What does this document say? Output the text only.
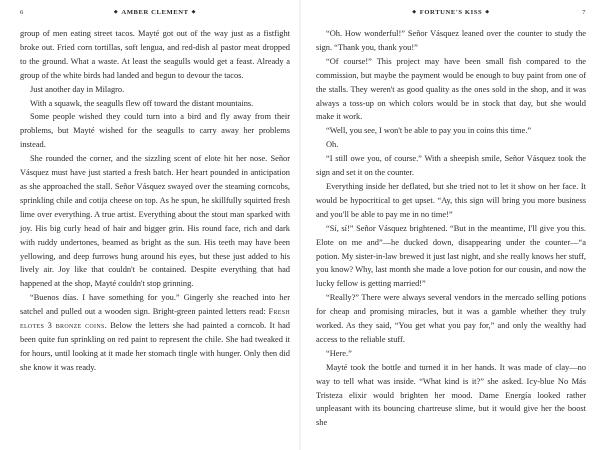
6	◆ AMBER CLEMENT ◆

group of men eating street tacos. Mayté got out of the way just as a fistfight broke out. Fried corn tortillas, soft lengua, and red-dish al pastor meat dropped to the ground. What a waste. At least the seagulls would get a feast. Already a group of the white birds had landed and begun to devour the tacos.

Just another day in Milagro.

With a squawk, the seagulls flew off toward the distant mountains.

Some people wished they could turn into a bird and fly away from their problems, but Mayté wished for the seagulls to carry away her problems instead.

She rounded the corner, and the sizzling scent of elote hit her nose. Señor Vásquez must have just started a fresh batch. Her heart pounded in anticipation as she approached the stall. Señor Vásquez swayed over the steaming corncobs, sprinkling chile and cotija cheese on top. As he spun, he skillfully squirted fresh lime over everything. A true artist. Everything about the stout man sparked with joy. His big curly head of hair and bigger grin. His round face, rich and dark with ruddy undertones, beamed as bright as the sun. His teeth may have been yellowing, and deep furrows hung around his eyes, but these just added to his lively air. Joy like that couldn't be contained. Despite everything that had happened at the shop, Mayté couldn't stop grinning.

“Buenos días. I have something for you.” Gingerly she reached into her satchel and pulled out a wooden sign. Bright-green painted letters read: Fresh elotes 3 bronze coins. Below the letters she had painted a corncob. It had been quite fun sprinkling on red paint to represent the chile. She had tweaked it for hours, until looking at it made her stomach tingle with hunger. Only then did she know it was ready.

◆ FORTUNE'S KISS ◆	7

“Oh. How wonderful!” Señor Vásquez leaned over the counter to study the sign. “Thank you, thank you!”

“Of course!” This project may have been small fish compared to the commission, but maybe the payment would be enough to buy paint from one of the stalls. They weren't as good quality as the ones sold in the shop, and it was always a toss-up on which colors would be in stock that day, but she would make it work.

“Well, you see, I won't be able to pay you in coins this time.”

Oh.

“I still owe you, of course.” With a sheepish smile, Señor Vásquez took the sign and set it on the counter.

Everything inside her deflated, but she tried not to let it show on her face. It would be hypocritical to get upset. “Ay, this sign will bring you more business and you'll be able to pay me in no time!”

“Sí, sí!” Señor Vásquez brightened. “But in the meantime, I'll give you this. Elote on me and”—he ducked down, disappearing under the counter—“a potion. My sister-in-law brewed it just last night, and she really knows her stuff, you know? Why, last month she made a love potion for our cousin, and now the lucky fellow is getting married!”

“Really?” There were always several vendors in the mercado selling potions for cheap and promising miracles, but it was a gamble whether they truly worked. As they said, “You get what you pay for,” and only the wealthy had access to the reliable stuff.

“Here.”

Mayté took the bottle and turned it in her hands. It was made of clay—no way to tell what was inside. “What kind is it?” she asked. Icy-blue No Más Tristeza elixir would brighten her mood. Dame Energía looked rather unpleasant with its bouncing chartreuse slime, but it would give her the boost she
